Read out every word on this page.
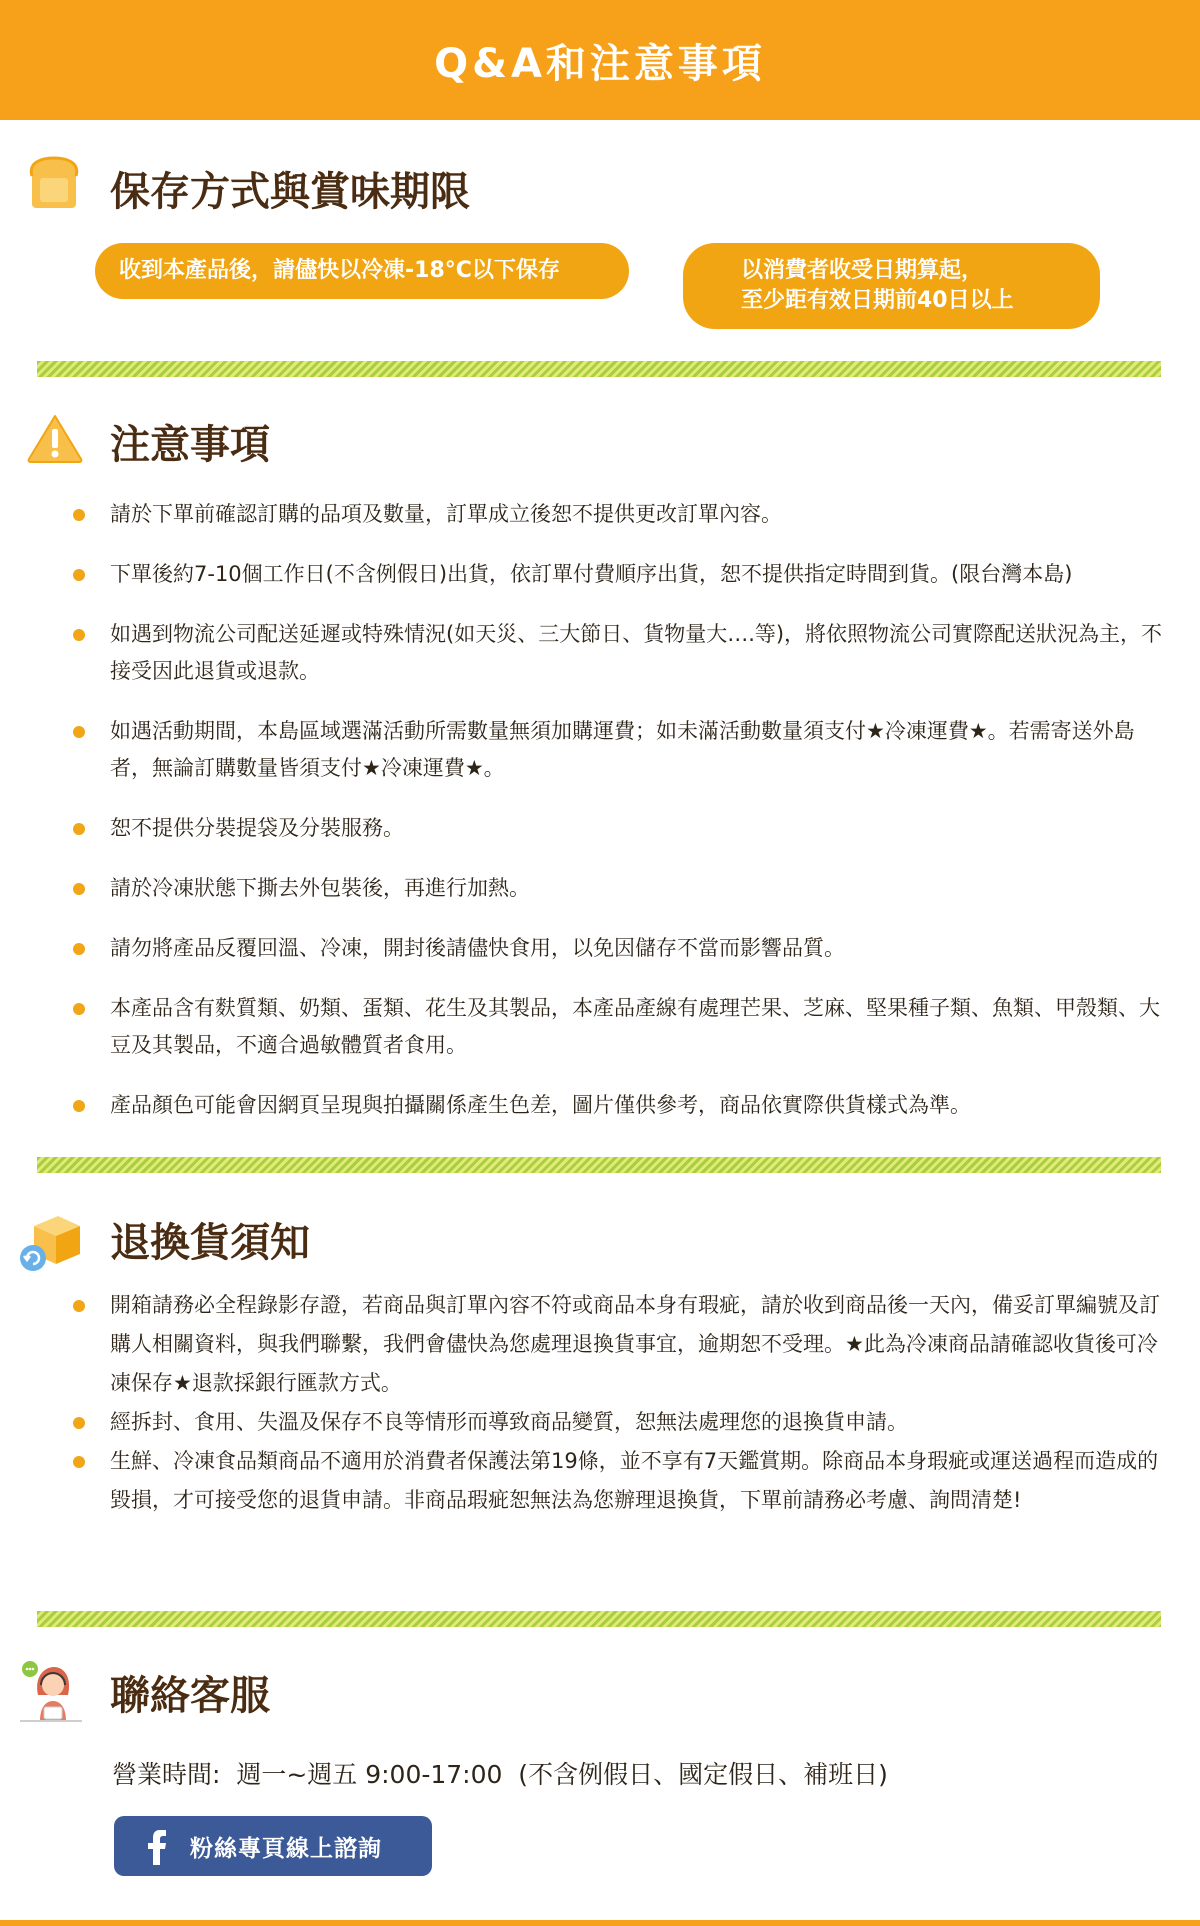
Q&A和注意事項
保存方式與賞味期限
收到本產品後，請儘快以冷凍-18°C以下保存	以消費者收受日期算起，
至少距有效日期前40日以上
注意事項
請於下單前確認訂購的品項及數量，訂單成立後恕不提供更改訂單內容。
下單後約7-10個工作日(不含例假日)出貨，依訂單付費順序出貨，恕不提供指定時間到貨。(限台灣本島)
如遇到物流公司配送延遲或特殊情況(如天災、三大節日、貨物量大….等)，將依照物流公司實際配送狀況為主，不接受因此退貨或退款。
如遇活動期間，本島區域選滿活動所需數量無須加購運費；如未滿活動數量須支付★冷凍運費★。若需寄送外島者，無論訂購數量皆須支付★冷凍運費★。
恕不提供分裝提袋及分裝服務。
請於冷凍狀態下撕去外包裝後，再進行加熱。
請勿將產品反覆回溫、冷凍，開封後請儘快食用，以免因儲存不當而影響品質。
本產品含有麩質類、奶類、蛋類、花生及其製品，本產品產線有處理芒果、芝麻、堅果種子類、魚類、甲殼類、大豆及其製品，不適合過敏體質者食用。
產品顏色可能會因網頁呈現與拍攝關係產生色差，圖片僅供參考，商品依實際供貨樣式為準。
退換貨須知
開箱請務必全程錄影存證，若商品與訂單內容不符或商品本身有瑕疵，請於收到商品後一天內，備妥訂單編號及訂購人相關資料，與我們聯繫，我們會儘快為您處理退換貨事宜，逾期恕不受理。★此為冷凍商品請確認收貨後可冷凍保存★退款採銀行匯款方式。
經拆封、食用、失溫及保存不良等情形而導致商品變質，恕無法處理您的退換貨申請。
生鮮、冷凍食品類商品不適用於消費者保護法第19條，並不享有7天鑑賞期。除商品本身瑕疵或運送過程而造成的毀損，才可接受您的退貨申請。非商品瑕疵恕無法為您辦理退換貨，下單前請務必考慮、詢問清楚!
聯絡客服
營業時間:  週一~週五 9:00-17:00  (不含例假日、國定假日、補班日)
粉絲專頁線上諮詢
